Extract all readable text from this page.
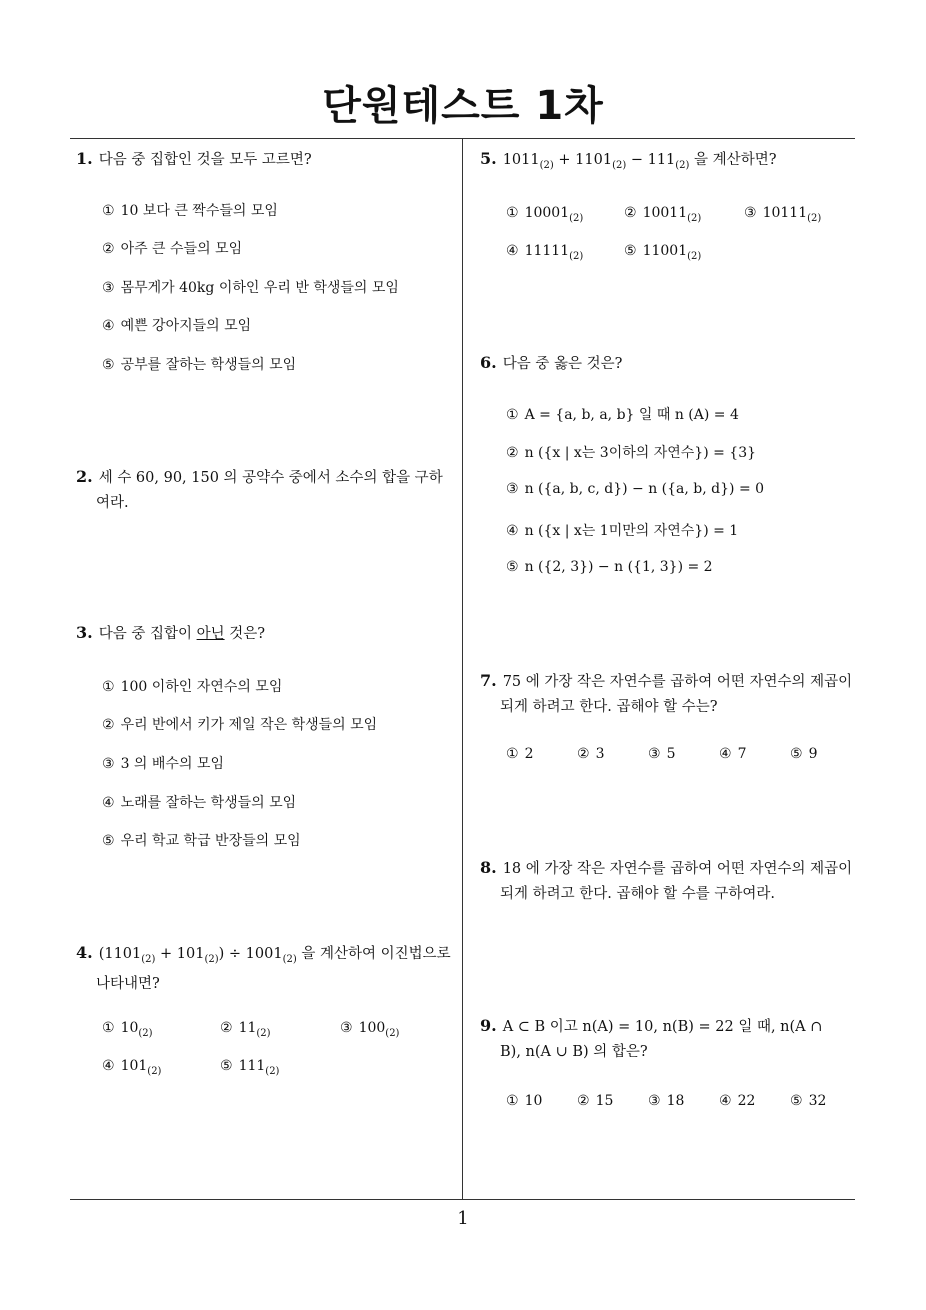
단원테스트 1차
1
1. 다음 중 집합인 것을 모두 고르면?
① 10 보다 큰 짝수들의 모임
② 아주 큰 수들의 모임
③ 몸무게가 40kg 이하인 우리 반 학생들의 모임
④ 예쁜 강아지들의 모임
⑤ 공부를 잘하는 학생들의 모임
2. 세 수 60, 90, 150 의 공약수 중에서 소수의 합을 구하
여라.
3. 다음 중 집합이 아닌 것은?
① 100 이하인 자연수의 모임
② 우리 반에서 키가 제일 작은 학생들의 모임
③ 3 의 배수의 모임
④ 노래를 잘하는 학생들의 모임
⑤ 우리 학교 학급 반장들의 모임
4. $(1101_{(2)} + 101_{(2)}) \div 1001_{(2)}$ 을 계산하여 이진법으로
나타내면?
① $10_{(2)}$	② $11_{(2)}$	③ $100_{(2)}$
④ $101_{(2)}$	⑤ $111_{(2)}$
5. $1011_{(2)} + 1101_{(2)} - 111_{(2)}$ 을 계산하면?
① $10001_{(2)}$	② $10011_{(2)}$	③ $10111_{(2)}$
④ $11111_{(2)}$	⑤ $11001_{(2)}$
6. 다음 중 옳은 것은?
① A = {a, b, a, b} 일 때 n (A) = 4
② n ({x | x는 3이하의 자연수}) = {3}
③ n ({a, b, c, d}) − n ({a, b, d}) = 0
④ n ({x | x는 1미만의 자연수}) = 1
⑤ n ({2, 3}) − n ({1, 3}) = 2
7. 75 에 가장 작은 자연수를 곱하여 어떤 자연수의 제곱이
되게 하려고 한다. 곱해야 할 수는?
① 2	② 3	③ 5	④ 7	⑤ 9
8. 18 에 가장 작은 자연수를 곱하여 어떤 자연수의 제곱이
되게 하려고 한다. 곱해야 할 수를 구하여라.
9. A ⊂ B 이고 n(A) = 10, n(B) = 22 일 때, n(A ∩
B), n(A ∪ B) 의 합은?
① 10 ② 15 ③ 18 ④ 22 ⑤ 32
